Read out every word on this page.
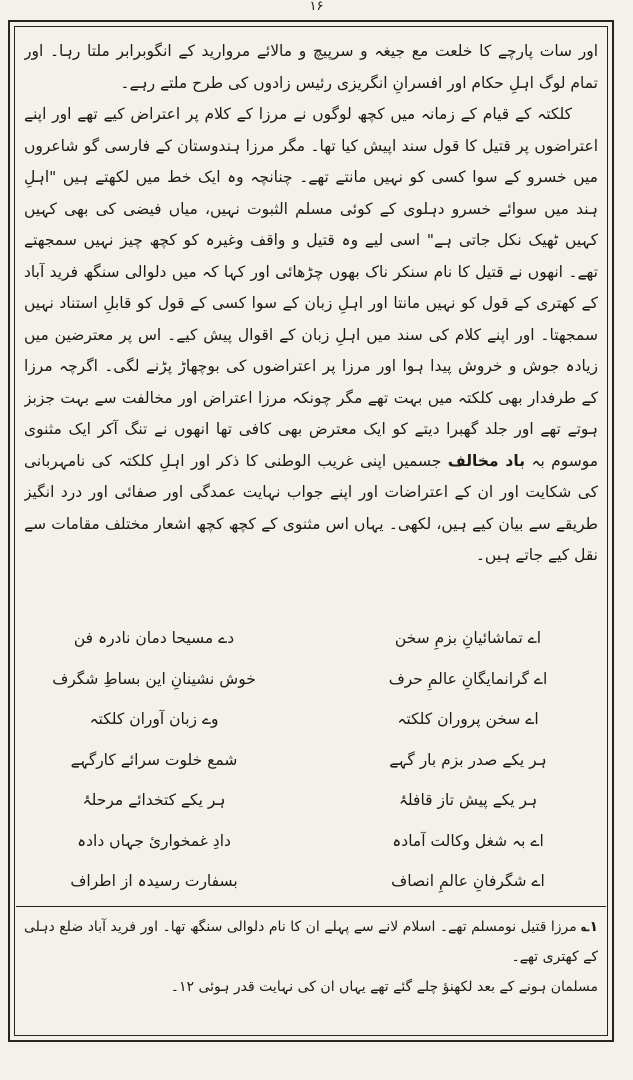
۱۶

اور سات پارچے کا خلعت مع جیغہ و سرپیچ و مالائے مروارید کے انگوبرابر ملتا رہا۔ اور تمام لوگ اہلِ حکام اور افسرانِ انگریزی رئیس زادوں کی طرح ملتے رہے۔

کلکتہ کے قیام کے زمانہ میں کچھ لوگوں نے مرزا کے کلام پر اعتراض کیے تھے اور اپنے اعتراضوں پر قتیل کا قول سند اپیش کیا تھا۔ مگر مرزا ہندوستان کے فارسی گو شاعروں میں خسرو کے سوا کسی کو نہیں مانتے تھے۔ چنانچہ وہ ایک خط میں لکھتے ہیں "اہلِ ہند میں سوائے خسرو دہلوی کے کوئی مسلم الثبوت نہیں، میاں فیضی کی بھی کہیں کہیں ٹھیک نکل جاتی ہے" اسی لیے وہ قتیل و واقف وغیرہ کو کچھ چیز نہیں سمجھتے تھے۔ انھوں نے قتیل کا نام سنکر ناک بھوں چڑھائی اور کہا کہ میں دلوالی سنگھ فرید آباد کے کھتری کے قول کو نہیں مانتا اور اہلِ زبان کے سوا کسی کے قول کو قابلِ استناد نہیں سمجھتا۔ اور اپنے کلام کی سند میں اہلِ زبان کے اقوال پیش کیے۔ اس پر معترضین میں زیادہ جوش و خروش پیدا ہوا اور مرزا پر اعتراضوں کی بوچھاڑ پڑنے لگی۔ اگرچہ مرزا کے طرفدار بھی کلکتہ میں بہت تھے مگر چونکہ مرزا اعتراض اور مخالفت سے بہت جزبز ہوتے تھے اور جلد گھبرا دیتے کو ایک معترض بھی کافی تھا انھوں نے تنگ آکر ایک مثنوی موسوم بہ باد مخالف جسمیں اپنی غریب الوطنی کا ذکر اور اہلِ کلکتہ کی نامہربانی کی شکایت اور ان کے اعتراضات اور اپنے جواب نہایت عمدگی اور صفائی اور درد انگیز طریقے سے بیان کیے ہیں، لکھی۔ یہاں اس مثنوی کے کچھ کچھ اشعار مختلف مقامات سے نقل کیے جاتے ہیں۔

اے تماشائیانِ بزمِ سخن
دے مسیحا دمان نادرہ فن
اے گرانمایگانِ عالمِ حرف
خوش نشینانِ این بساطِ شگرف
اے سخن پروران کلکتہ
وے زبان آوران کلکتہ
ہر یکے صدر بزم بار گہے
شمع خلوت سرائے کارگہے
ہر یکے پیش تاز قافلۂ
ہر یکے کتخدائے مرحلۂ
اے بہ شغل وکالت آمادہ
دادِ غمخوارئ جہاں دادہ
اے شگرفانِ عالمِ انصاف
بسفارت رسیدہ از اطراف

۱؎ مرزا قتیل نومسلم تھے۔ اسلام لانے سے پہلے ان کا نام دلوالی سنگھ تھا۔ اور فرید آباد ضلع دہلی کے کھتری تھے۔

مسلمان ہونے کے بعد لکھنؤ چلے گئے تھے یہاں ان کی نہایت قدر ہوئی ۱۲۔
